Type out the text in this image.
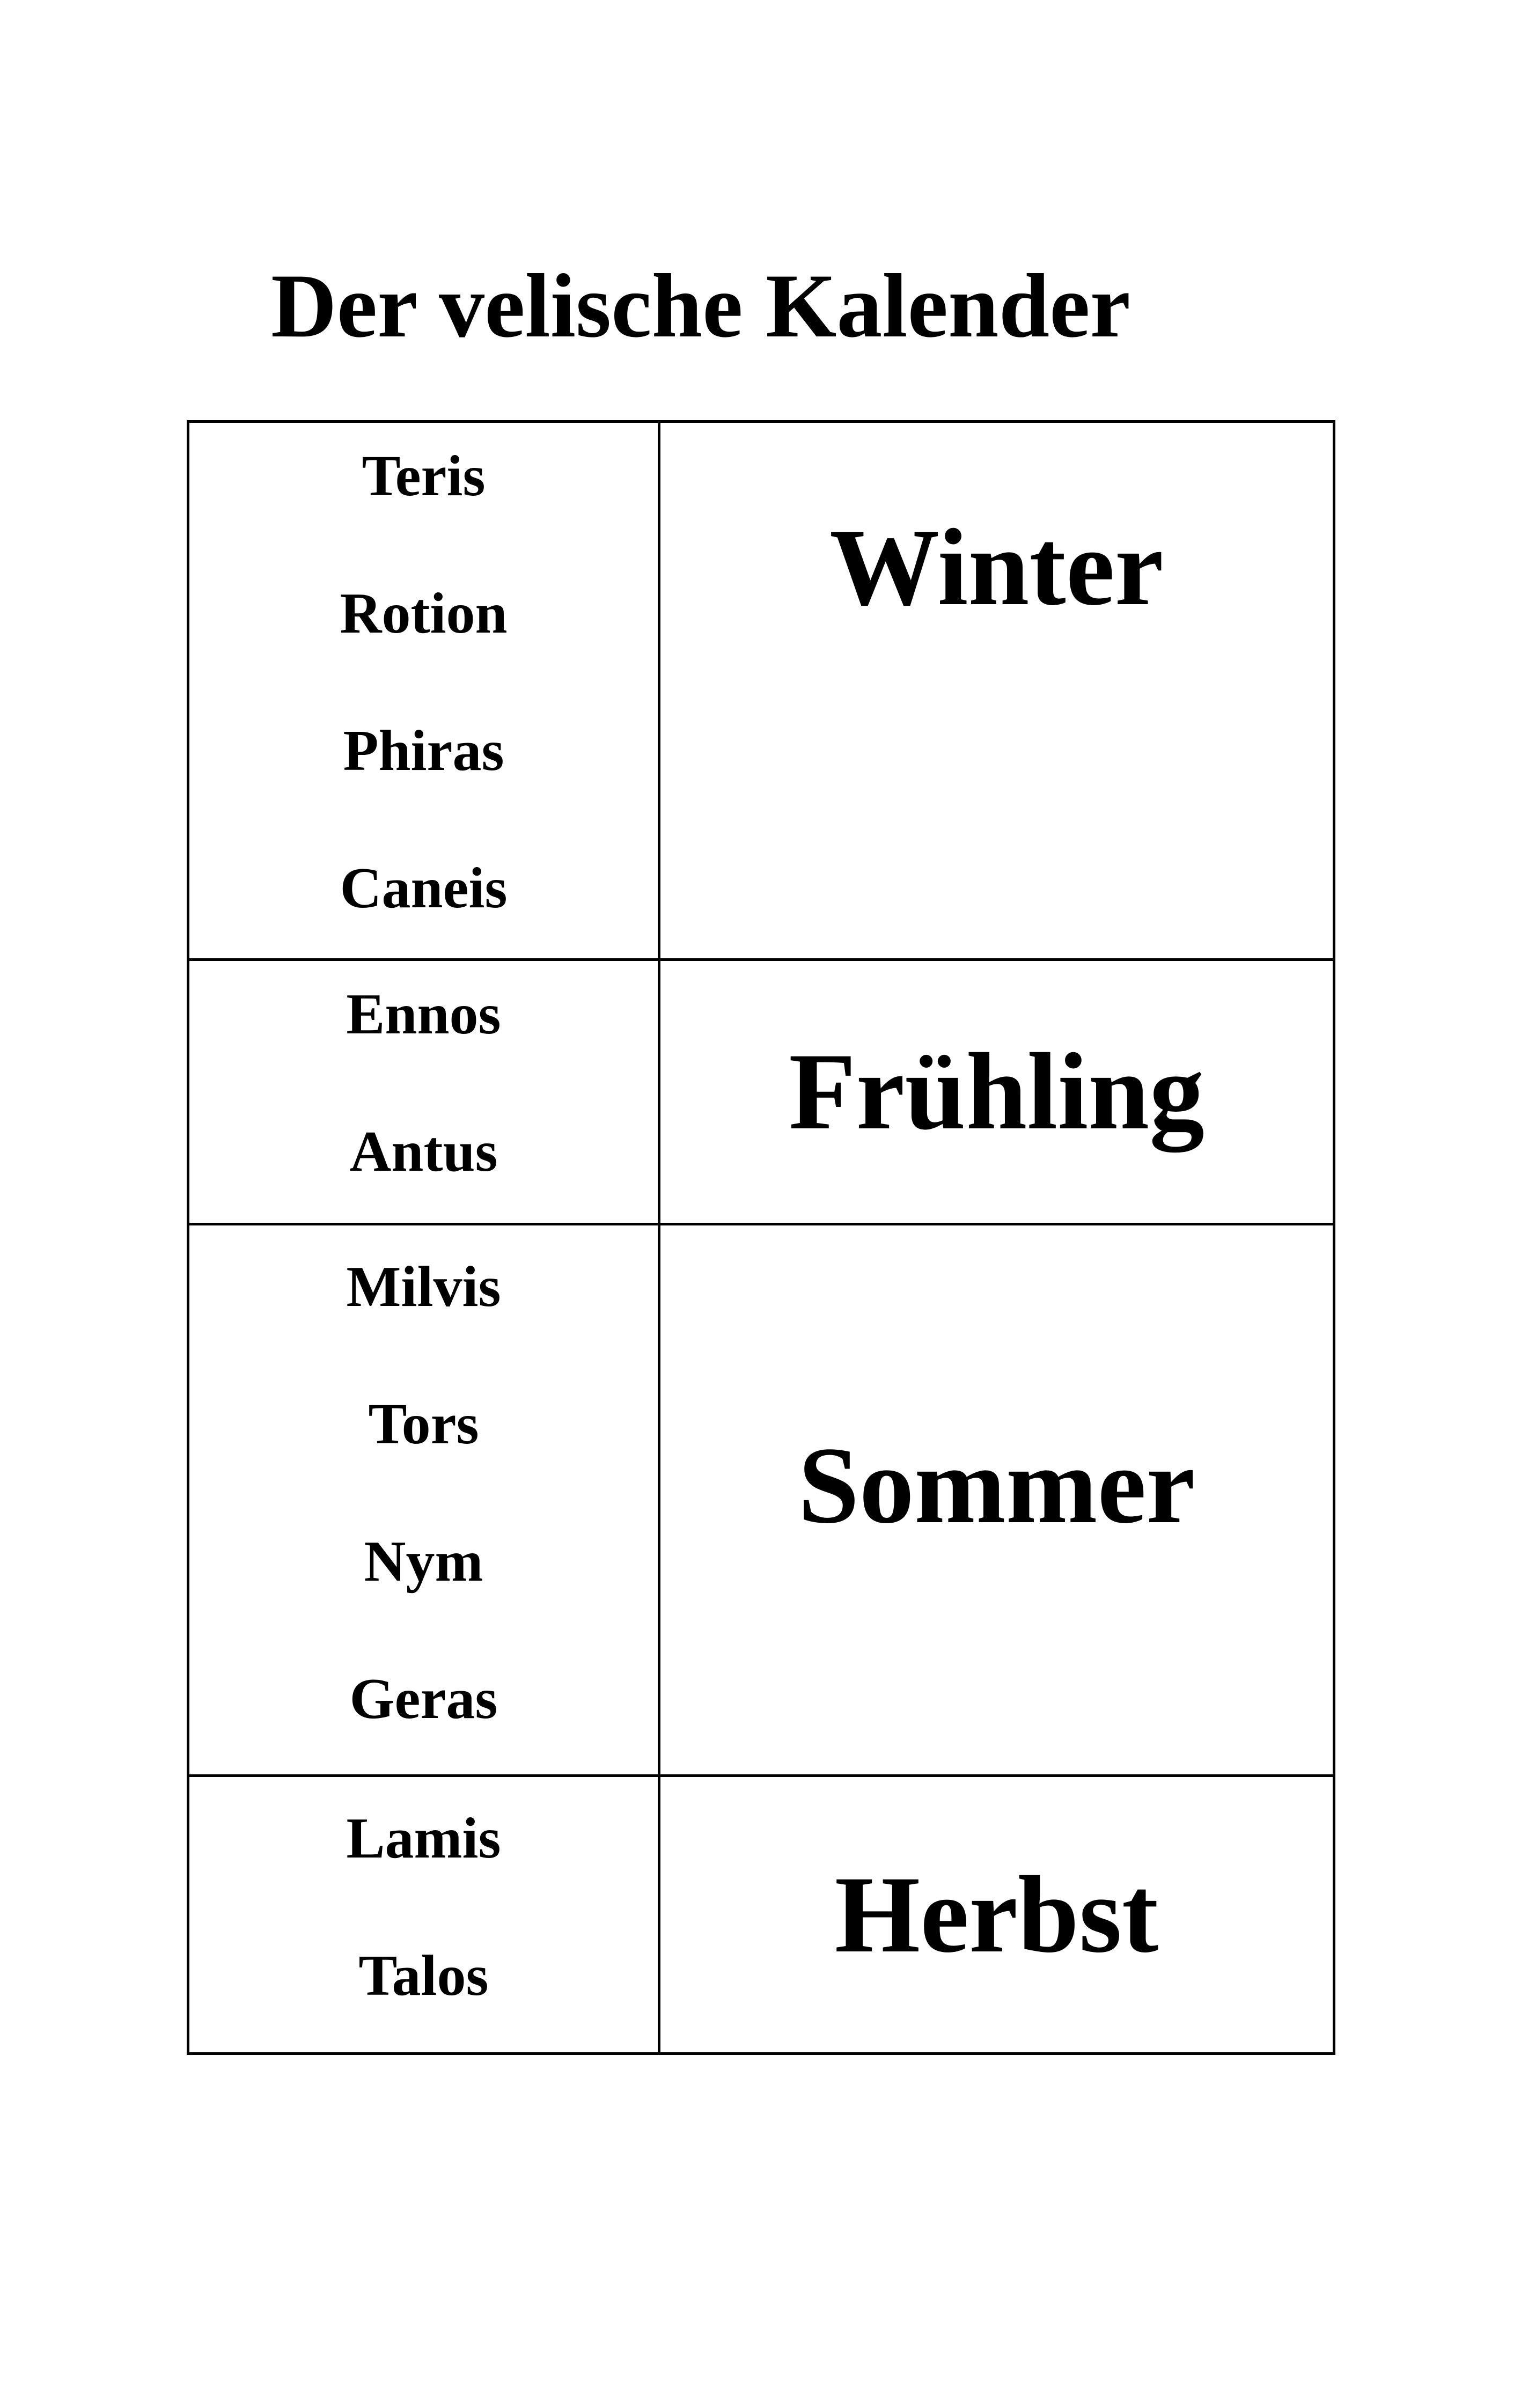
Der velische Kalender
Teris
Rotion
Phiras
Caneis	Winter

Ennos
Antus	Frühling

Milvis
Tors
Nym
Geras	Sommer

Lamis
Talos	Herbst
